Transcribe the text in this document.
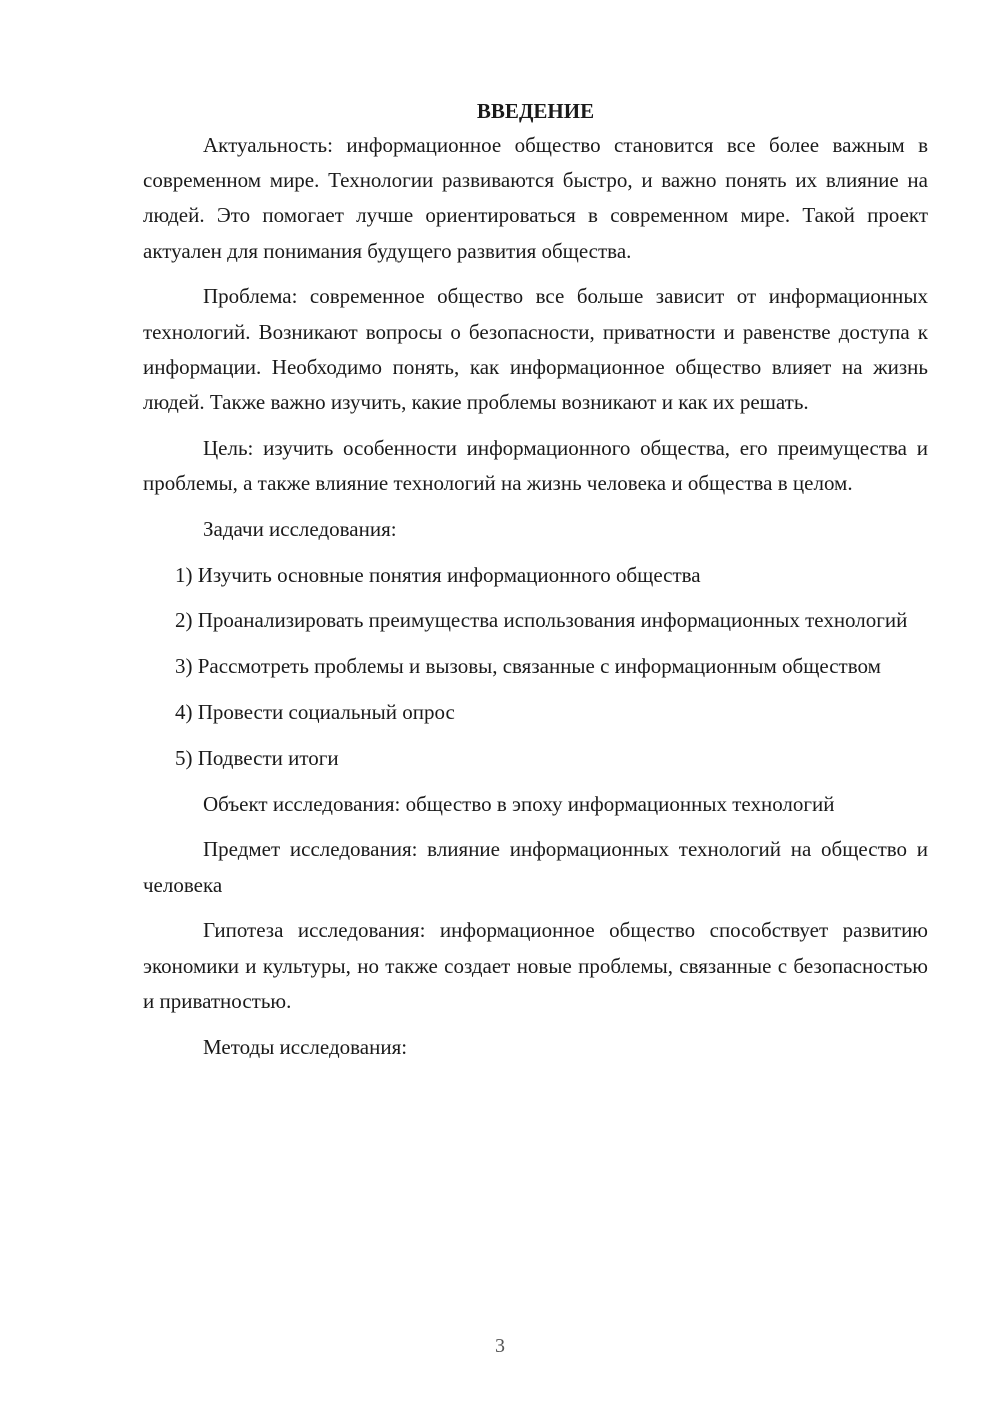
ВВЕДЕНИЕ

Актуальность: информационное общество становится все более важным в современном мире. Технологии развиваются быстро, и важно понять их влияние на людей. Это помогает лучше ориентироваться в современном мире. Такой проект актуален для понимания будущего развития общества.

Проблема: современное общество все больше зависит от информационных технологий. Возникают вопросы о безопасности, приватности и равенстве доступа к информации. Необходимо понять, как информационное общество влияет на жизнь людей. Также важно изучить, какие проблемы возникают и как их решать.

Цель: изучить особенности информационного общества, его преимущества и проблемы, а также влияние технологий на жизнь человека и общества в целом.

Задачи исследования:

1) Изучить основные понятия информационного общества

2) Проанализировать преимущества использования информационных технологий

3) Рассмотреть проблемы и вызовы, связанные с информационным обществом

4) Провести социальный опрос

5) Подвести итоги

Объект исследования: общество в эпоху информационных технологий

Предмет исследования: влияние информационных технологий на общество и человека

Гипотеза исследования: информационное общество способствует развитию экономики и культуры, но также создает новые проблемы, связанные с безопасностью и приватностью.

Методы исследования:

3
